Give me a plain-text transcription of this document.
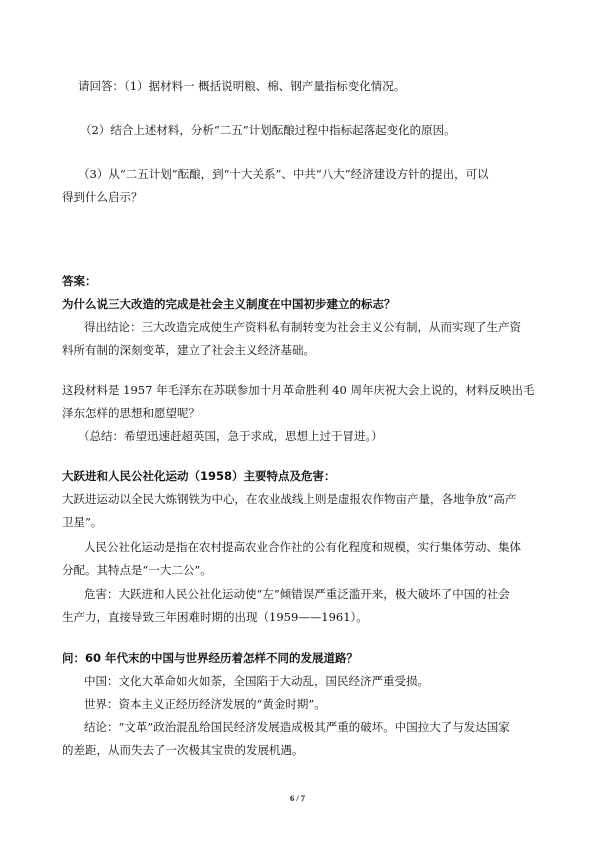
请回答：（1）据材料一 概括说明粮、棉、钢产量指标变化情况。
（2）结合上述材料，分析“二五”计划酝酿过程中指标起落起变化的原因。
（3）从“二五计划”酝酿，到“十大关系”、中共“八大”经济建设方针的提出，可以
得到什么启示？
答案：
为什么说三大改造的完成是社会主义制度在中国初步建立的标志？
得出结论：三大改造完成使生产资料私有制转变为社会主义公有制，从而实现了生产资
料所有制的深刻变革，建立了社会主义经济基础。
这段材料是 1957 年毛泽东在苏联参加十月革命胜利 40 周年庆祝大会上说的，材料反映出毛
泽东怎样的思想和愿望呢？
（总结：希望迅速赶超英国，急于求成，思想上过于冒进。）
大跃进和人民公社化运动（1958）主要特点及危害：
大跃进运动以全民大炼钢铁为中心，在农业战线上则是虚报农作物亩产量，各地争放“高产
卫星”。
人民公社化运动是指在农村提高农业合作社的公有化程度和规模，实行集体劳动、集体
分配。其特点是“一大二公”。
危害：大跃进和人民公社化运动使“左”倾错误严重泛滥开来，极大破坏了中国的社会
生产力，直接导致三年困难时期的出现（1959——1961）。
问：60 年代末的中国与世界经历着怎样不同的发展道路？
中国：文化大革命如火如荼，全国陷于大动乱，国民经济严重受损。
世界：资本主义正经历经济发展的“黄金时期”。
结论：“文革”政治混乱给国民经济发展造成极其严重的破坏。中国拉大了与发达国家
的差距，从而失去了一次极其宝贵的发展机遇。
6 / 7
